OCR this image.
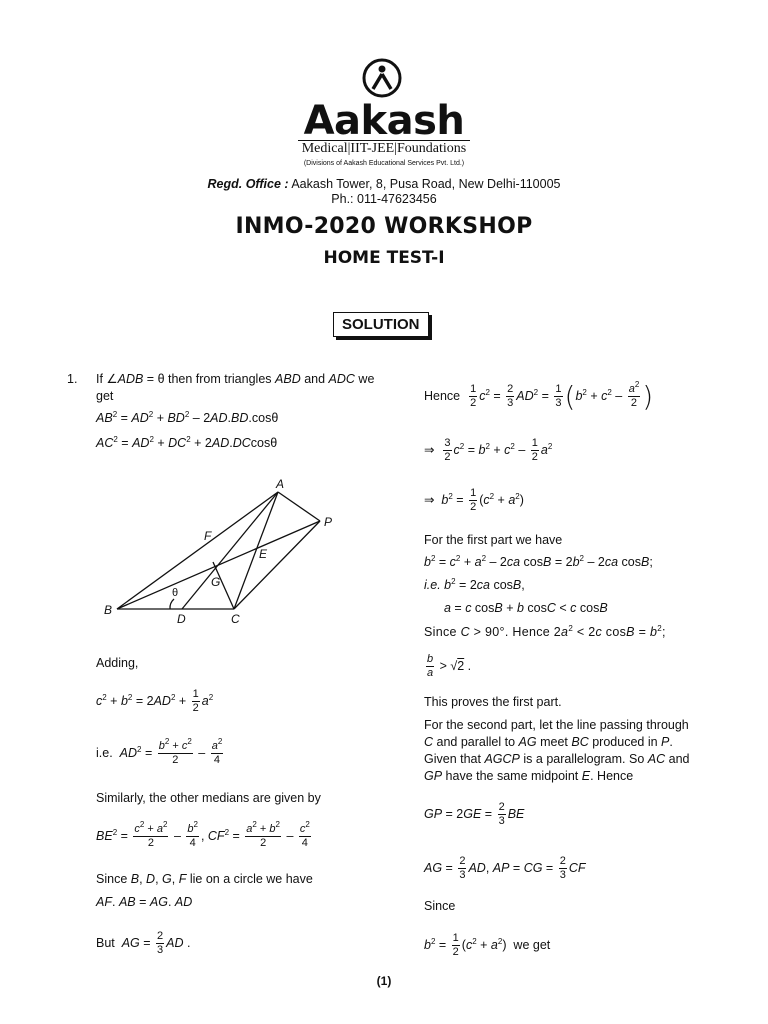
Aakash
Medical|IIT-JEE|Foundations
(Divisions of Aakash Educational Services Pvt. Ltd.)
Regd. Office : Aakash Tower, 8, Pusa Road, New Delhi-110005
Ph.: 011-47623456
INMO-2020 WORKSHOP
HOME TEST-I
SOLUTION
1. If ∠ADB = θ then from triangles ABD and ADC we
get
$AB^2 = AD^2 + BD^2 - 2AD.BD.\cos\theta$
$AC^2 = AD^2 + DC^2 + 2AD.DCcos\theta$
A
B
C
D
E
F
G
P
θ
Adding,
$c^2 + b^2 = 2AD^2 + \frac{1}{2} a^2$
i.e. $AD^2 = \frac{b^2 + c^2}{2} - \frac{a^2}{4}$
Similarly, the other medians are given by
$BE^2 = \frac{c^2 + a^2}{2} - \frac{b^2}{4}$ , $CF^2 = \frac{a^2 + b^2}{2} - \frac{c^2}{4}$
Since B, D, G, F lie on a circle we have
AF. AB = AG. AD
But AG = $\frac{2}{3}$ AD .
Hence $\frac{1}{2} c^2 = \frac{2}{3} AD^2 = \frac{1}{3} (b^2 + c^2 - \frac{a^2}{2}$ )
⇒ $\frac{3}{2} c^2 = b^2 + c^2 - \frac{1}{2} a^2$
⇒  $b^2 = \frac{1}{2} (c^2 + a^2)$
For the first part we have
$b^2 = c^2 + a^2 - 2ca$ $\cos B = 2b^2 - 2ca$ cosB;
i.e. $b^2 = 2ca$ cosB,
a = c cosB + b cosC < c cosB
Since C > 90°. Hence $2a^2 < 2c$ $\cos B = b^2$;
$\frac{b}{a} > √2$ .
This proves the first part.
For the second part, let the line passing through
C and parallel to AG meet BC produced in P.
Given that AGCP is a parallelogram. So AC and
GP have the same midpoint E. Hence
GP = $2GE = \frac{2}{3}$ BE
AG = $\frac{2}{3}$ AD, AP = CG = $\frac{2}{3}$ CF
Since
$b^2 = \frac{1}{2} (c^2 + a^2)$  we get
(1)
